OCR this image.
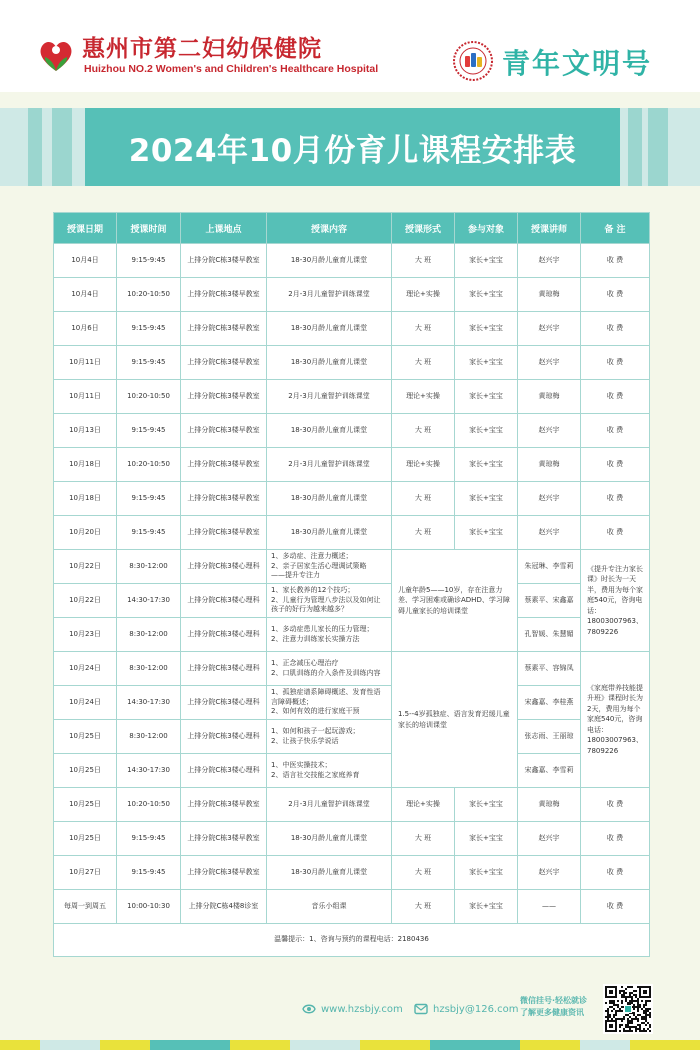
惠州市第二妇幼保健院
Huizhou NO.2 Women's and Children's Healthcare Hospital	青年文明号
2024年10月份育儿课程安排表
授课日期	授课时间	上课地点	授课内容	授课形式	参与对象	授课讲师	备 注
10月4日	9:15-9:45	上排分院C栋3楼早教室	18-30月龄儿童育儿课堂	大 班	家长+宝宝	赵兴宇	收 费
10月4日	10:20-10:50	上排分院C栋3楼早教室	2月-3月儿童智护训练课堂	理论+实操	家长+宝宝	黄琼梅	收 费
10月6日	9:15-9:45	上排分院C栋3楼早教室	18-30月龄儿童育儿课堂	大 班	家长+宝宝	赵兴宇	收 费
10月11日	9:15-9:45	上排分院C栋3楼早教室	18-30月龄儿童育儿课堂	大 班	家长+宝宝	赵兴宇	收 费
10月11日	10:20-10:50	上排分院C栋3楼早教室	2月-3月儿童智护训练课堂	理论+实操	家长+宝宝	黄琼梅	收 费
10月13日	9:15-9:45	上排分院C栋3楼早教室	18-30月龄儿童育儿课堂	大 班	家长+宝宝	赵兴宇	收 费
10月18日	10:20-10:50	上排分院C栋3楼早教室	2月-3月儿童智护训练课堂	理论+实操	家长+宝宝	黄琼梅	收 费
10月18日	9:15-9:45	上排分院C栋3楼早教室	18-30月龄儿童育儿课堂	大 班	家长+宝宝	赵兴宇	收 费
10月20日	9:15-9:45	上排分院C栋3楼早教室	18-30月龄儿童育儿课堂	大 班	家长+宝宝	赵兴宇	收 费
10月22日	8:30-12:00	上排分院C栋3楼心理科	1、多动症、注意力概述；
2、亲子居家生活心理调试策略
——提升专注力	儿童年龄5——10岁，存在注意力差、学习困难或确诊ADHD、学习障碍儿童家长的培训课堂		朱冠琳、李雪莉	《提升专注力家长课》时长为一天半，费用为每个家庭540元，咨询电话：18003007963、7809226
10月22日	14:30-17:30	上排分院C栋3楼心理科	1、家长教养的12个技巧；
2、儿童行为管理八步法以及如何让孩子的好行为越来越多？			蔡素平、宋鑫嘉	
10月23日	8:30-12:00	上排分院C栋3楼心理科	1、多动症患儿家长的压力管理；
2、注意力训练家长实操方法			孔智媛、朱慧媚	
10月24日	8:30-12:00	上排分院C栋3楼心理科	1、正念减压心理治疗
2、口肌训练的介入条件及训练内容	1.5--4岁孤独症、语言发育迟缓儿童家长的培训课堂		蔡素平、容锦凤	《家庭带养技能提升班》课程时长为2天，费用为每个家庭540元，咨询电话：18003007963、7809226
10月24日	14:30-17:30	上排分院C栋3楼心理科	1、孤独症谱系障碍概述、发育性语言障碍概述；
2、如何有效的进行家庭干预			宋鑫嘉、李桂燕	
10月25日	8:30-12:00	上排分院C栋3楼心理科	1、如何和孩子一起玩游戏；
2、让孩子快乐学说话			张志雨、王丽琼	
10月25日	14:30-17:30	上排分院C栋3楼心理科	1、中医实操技术；
2、语言社交技能之家庭养育			宋鑫嘉、李雪莉	
10月25日	10:20-10:50	上排分院C栋3楼早教室	2月-3月儿童智护训练课堂	理论+实操	家长+宝宝	黄琼梅	收 费
10月25日	9:15-9:45	上排分院C栋3楼早教室	18-30月龄儿童育儿课堂	大 班	家长+宝宝	赵兴宇	收 费
10月27日	9:15-9:45	上排分院C栋3楼早教室	18-30月龄儿童育儿课堂	大 班	家长+宝宝	赵兴宇	收 费
每周一到周五	10:00-10:30	上排分院C栋4楼8诊室	音乐小组课	大 班	家长+宝宝	——	收 费
温馨提示：1、咨询与预约的课程电话：2180436							
www.hzsbjy.com	hzsbjy@126.com
微信挂号·轻松就诊
了解更多健康资讯
